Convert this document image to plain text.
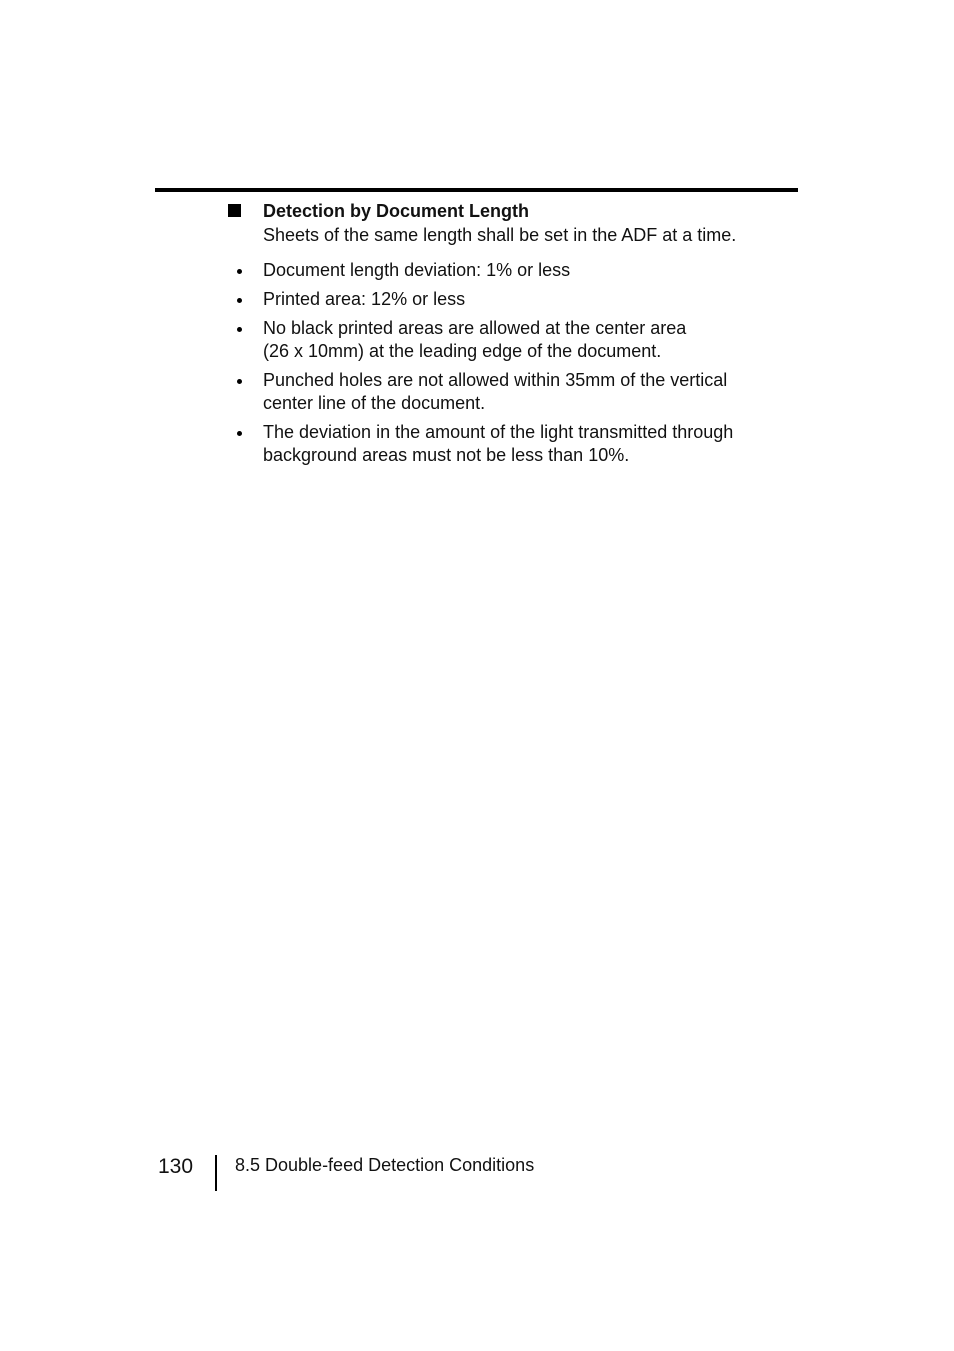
Detection by Document Length
Sheets of the same length shall be set in the ADF at a time.
Document length deviation: 1% or less
Printed area: 12% or less
No black printed areas are allowed at the center area
(26 x 10mm) at the leading edge of the document.
Punched holes are not allowed within 35mm of the vertical
center line of the document.
The deviation in the amount of the light transmitted through
background areas must not be less than 10%.
130 8.5 Double-feed Detection Conditions
